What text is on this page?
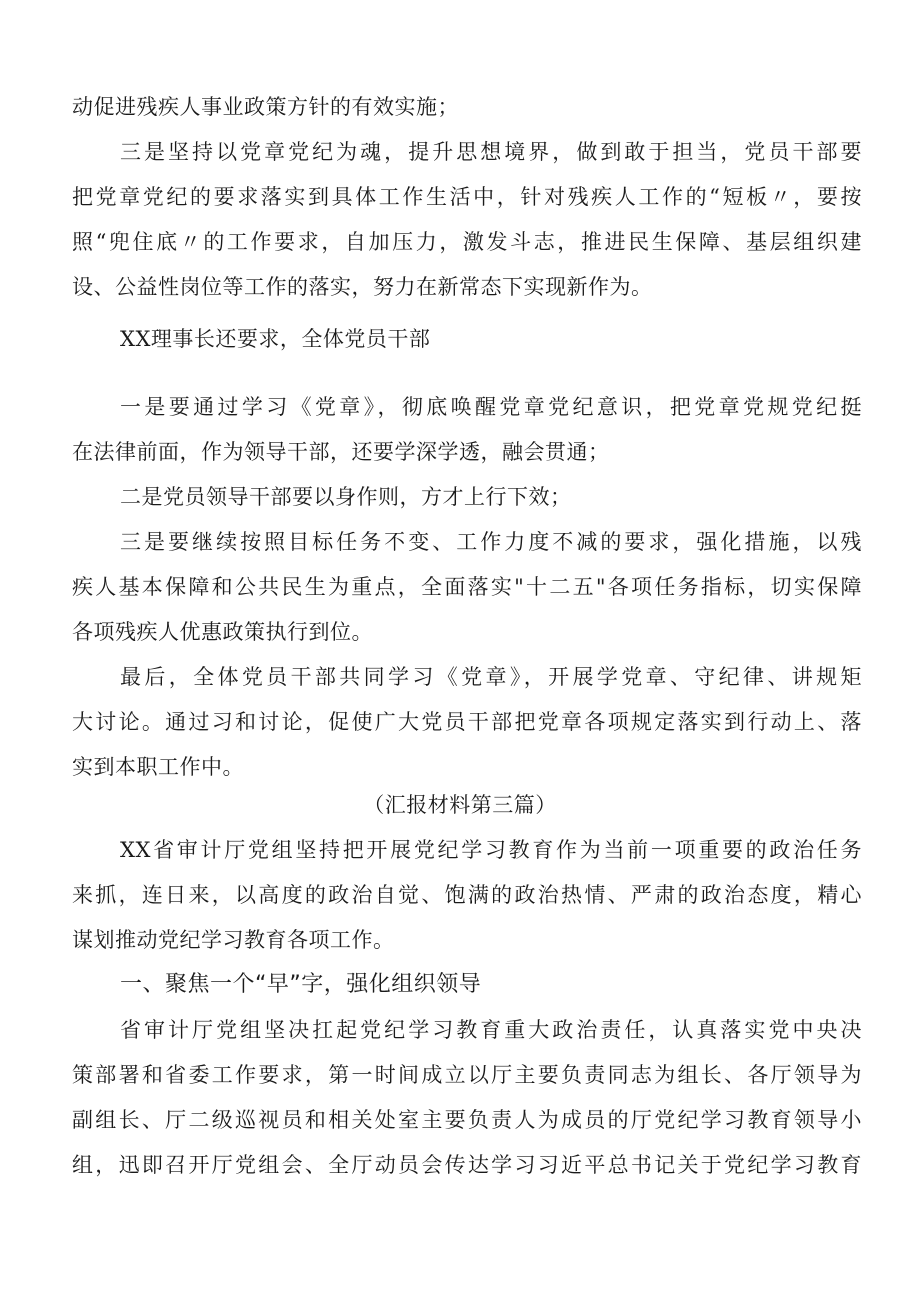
动促进残疾人事业政策方针的有效实施；
三是坚持以党章党纪为魂，提升思想境界，做到敢于担当，党员干部要
把党章党纪的要求落实到具体工作生活中，针对残疾人工作的“短板〃，要按
照“兜住底〃的工作要求，自加压力，激发斗志，推进民生保障、基层组织建
设、公益性岗位等工作的落实，努力在新常态下实现新作为。
XX理事长还要求，全体党员干部
一是要通过学习《党章》，彻底唤醒党章党纪意识，把党章党规党纪挺
在法律前面，作为领导干部，还要学深学透，融会贯通；
二是党员领导干部要以身作则，方才上行下效；
三是要继续按照目标任务不变、工作力度不减的要求，强化措施，以残
疾人基本保障和公共民生为重点，全面落实"十二五"各项任务指标，切实保障
各项残疾人优惠政策执行到位。
最后，全体党员干部共同学习《党章》，开展学党章、守纪律、讲规矩
大讨论。通过习和讨论，促使广大党员干部把党章各项规定落实到行动上、落
实到本职工作中。
（汇报材料第三篇）
XX省审计厅党组坚持把开展党纪学习教育作为当前一项重要的政治任务
来抓，连日来，以高度的政治自觉、饱满的政治热情、严肃的政治态度，精心
谋划推动党纪学习教育各项工作。
一、聚焦一个“早”字，强化组织领导
省审计厅党组坚决扛起党纪学习教育重大政治责任，认真落实党中央决
策部署和省委工作要求，第一时间成立以厅主要负责同志为组长、各厅领导为
副组长、厅二级巡视员和相关处室主要负责人为成员的厅党纪学习教育领导小
组，迅即召开厅党组会、全厅动员会传达学习习近平总书记关于党纪学习教育
